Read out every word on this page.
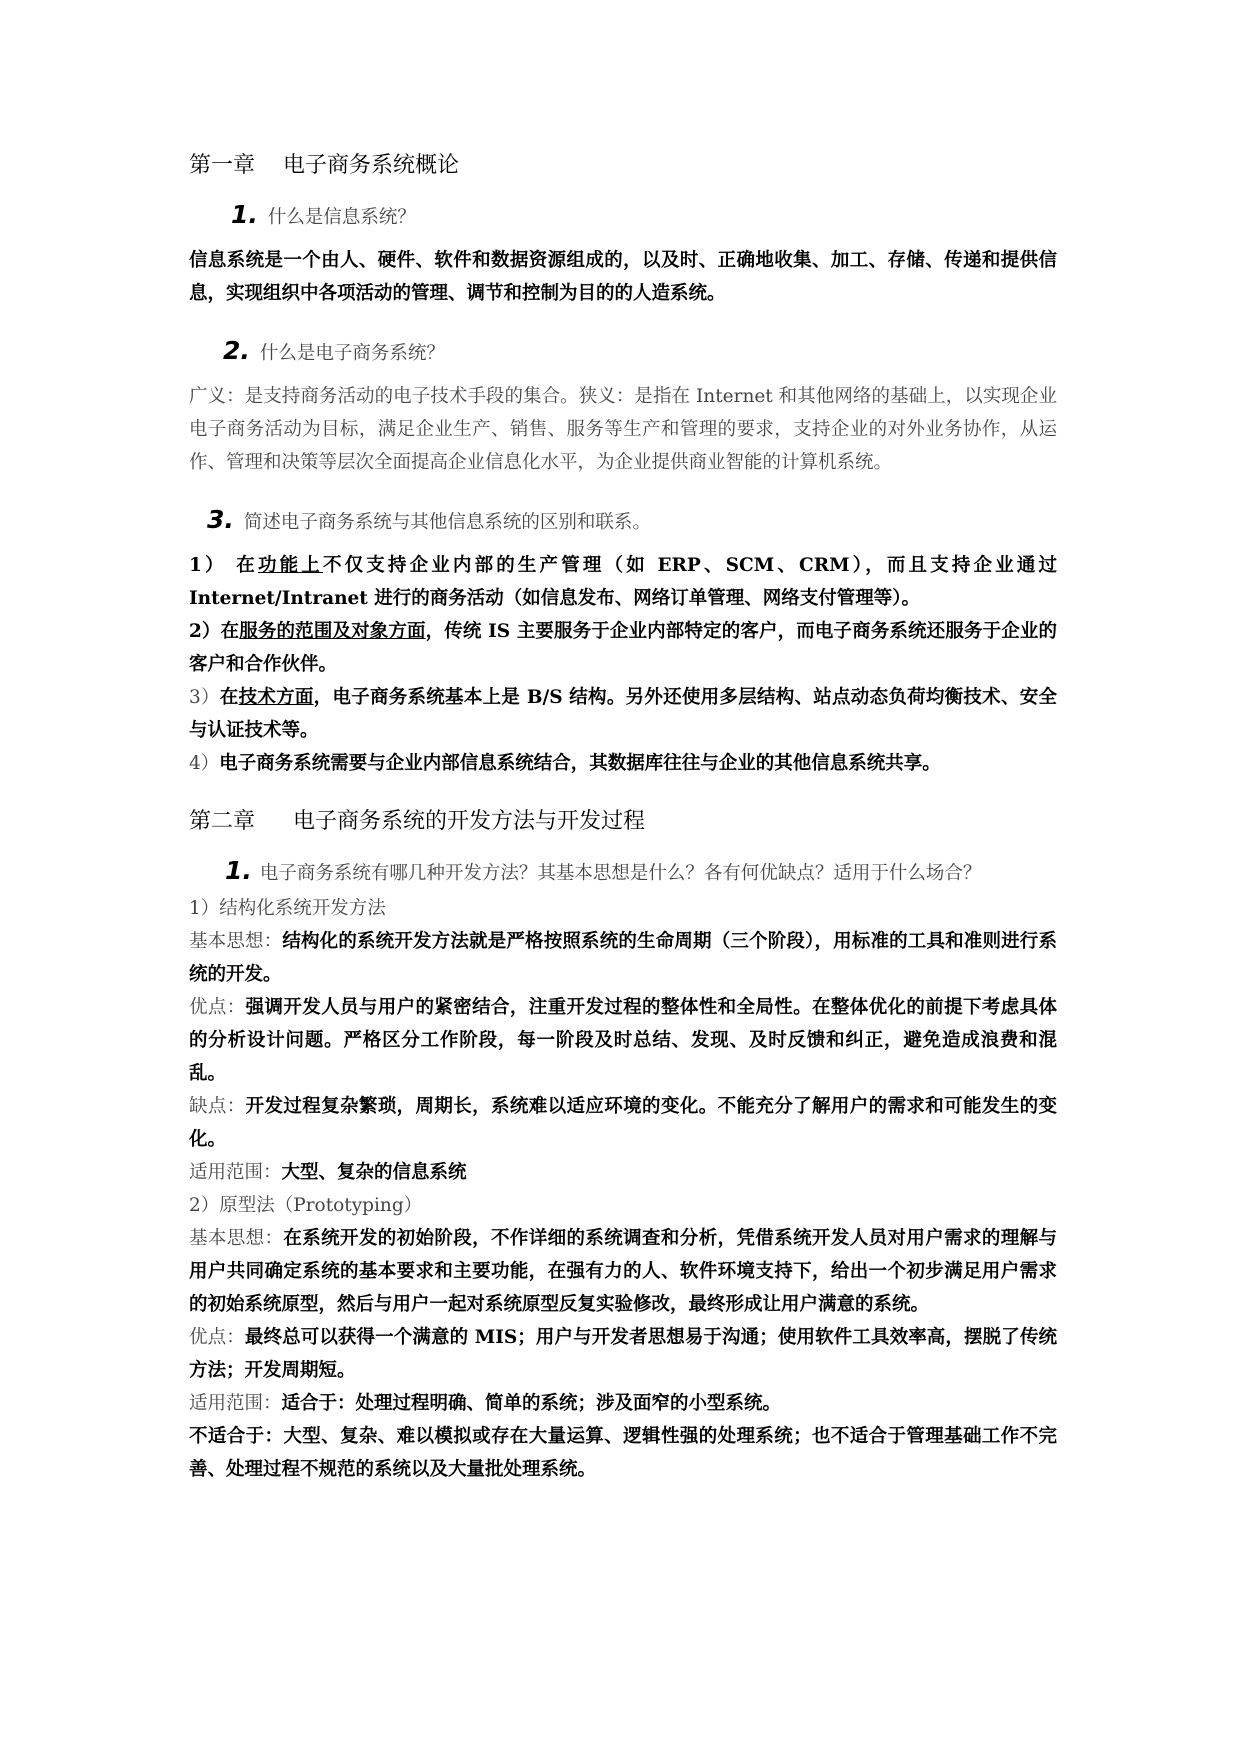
第一章 电子商务系统概论
1. 什么是信息系统？

信息系统是一个由人、硬件、软件和数据资源组成的，以及时、正确地收集、加工、存储、传递和提供信息，实现组织中各项活动的管理、调节和控制为目的的人造系统。

2. 什么是电子商务系统？

广义：是支持商务活动的电子技术手段的集合。狭义：是指在 Internet 和其他网络的基础上，以实现企业电子商务活动为目标，满足企业生产、销售、服务等生产和管理的要求，支持企业的对外业务协作，从运作、管理和决策等层次全面提高企业信息化水平，为企业提供商业智能的计算机系统。

3. 简述电子商务系统与其他信息系统的区别和联系。

1） 在功能上不仅支持企业内部的生产管理（如 ERP、SCM、CRM），而且支持企业通过 Internet/Intranet 进行的商务活动（如信息发布、网络订单管理、网络支付管理等）。

2）在服务的范围及对象方面，传统 IS 主要服务于企业内部特定的客户，而电子商务系统还服务于企业的客户和合作伙伴。

3）在技术方面，电子商务系统基本上是 B/S 结构。另外还使用多层结构、站点动态负荷均衡技术、安全与认证技术等。

4）电子商务系统需要与企业内部信息系统结合，其数据库往往与企业的其他信息系统共享。

第二章 电子商务系统的开发方法与开发过程
1. 电子商务系统有哪几种开发方法？其基本思想是什么？各有何优缺点？适用于什么场合？

1）结构化系统开发方法

基本思想：结构化的系统开发方法就是严格按照系统的生命周期（三个阶段），用标准的工具和准则进行系统的开发。

优点：强调开发人员与用户的紧密结合，注重开发过程的整体性和全局性。在整体优化的前提下考虑具体的分析设计问题。严格区分工作阶段，每一阶段及时总结、发现、及时反馈和纠正，避免造成浪费和混乱。

缺点：开发过程复杂繁琐，周期长，系统难以适应环境的变化。不能充分了解用户的需求和可能发生的变化。

适用范围：大型、复杂的信息系统

2）原型法（Prototyping）

基本思想：在系统开发的初始阶段，不作详细的系统调查和分析，凭借系统开发人员对用户需求的理解与用户共同确定系统的基本要求和主要功能，在强有力的人、软件环境支持下，给出一个初步满足用户需求的初始系统原型，然后与用户一起对系统原型反复实验修改，最终形成让用户满意的系统。

优点：最终总可以获得一个满意的 MIS；用户与开发者思想易于沟通；使用软件工具效率高，摆脱了传统方法；开发周期短。

适用范围：适合于：处理过程明确、简单的系统；涉及面窄的小型系统。

不适合于：大型、复杂、难以模拟或存在大量运算、逻辑性强的处理系统；也不适合于管理基础工作不完善、处理过程不规范的系统以及大量批处理系统。
